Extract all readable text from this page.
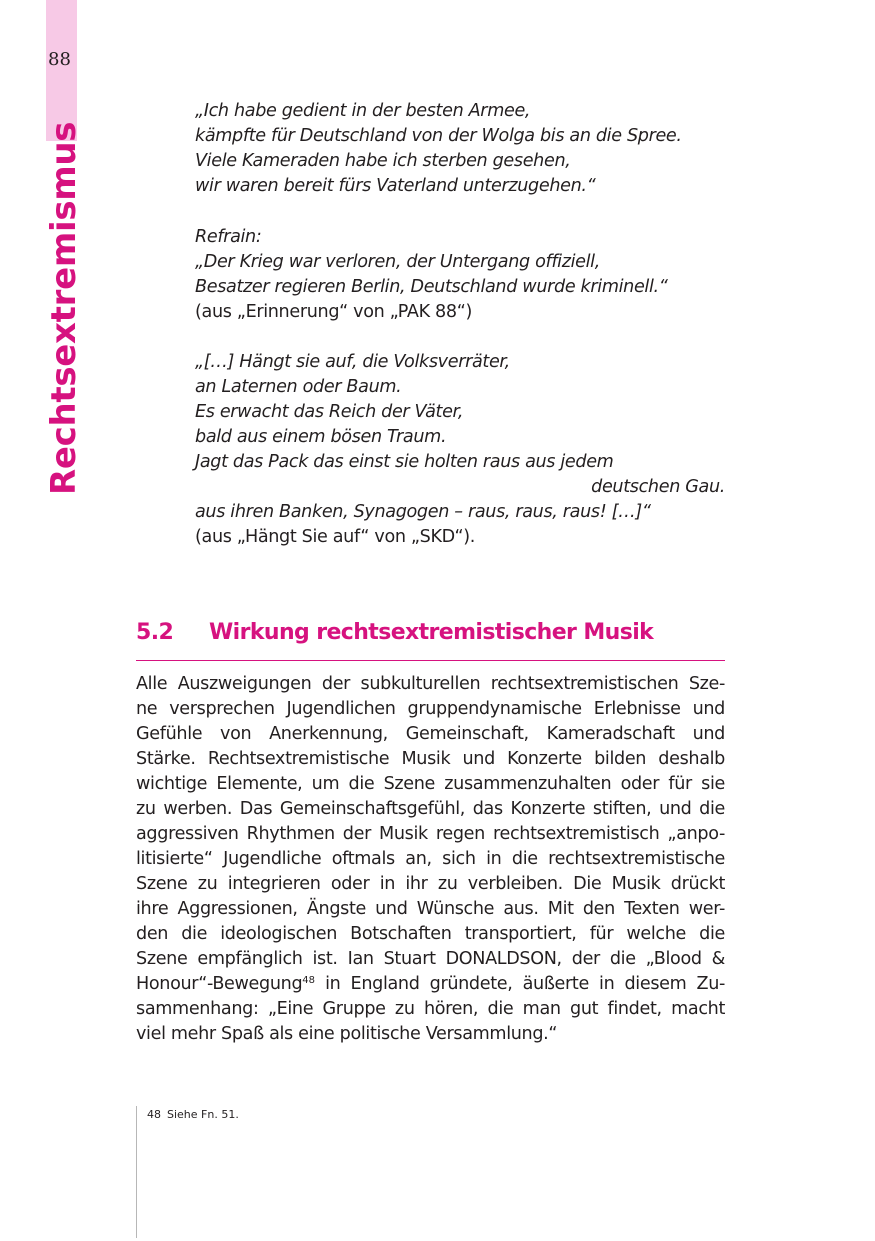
88
Rechtsextremismus
„Ich habe gedient in der besten Armee,
kämpfte für Deutschland von der Wolga bis an die Spree.
Viele Kameraden habe ich sterben gesehen,
wir waren bereit fürs Vaterland unterzugehen.“
Refrain:
„Der Krieg war verloren, der Untergang offiziell,
Besatzer regieren Berlin, Deutschland wurde kriminell.“
(aus „Erinnerung“ von „PAK 88“)
„[…] Hängt sie auf, die Volksverräter,
an Laternen oder Baum.
Es erwacht das Reich der Väter,
bald aus einem bösen Traum.
Jagt das Pack das einst sie holten raus aus jedem
deutschen Gau.
aus ihren Banken, Synagogen – raus, raus, raus! […]“
(aus „Hängt Sie auf“ von „SKD“).
5.2 Wirkung rechtsextremistischer Musik
Alle Auszweigungen der subkulturellen rechtsextremistischen Sze-
ne versprechen Jugendlichen gruppendynamische Erlebnisse und
Gefühle von Anerkennung, Gemeinschaft, Kameradschaft und
Stärke. Rechtsextremistische Musik und Konzerte bilden deshalb
wichtige Elemente, um die Szene zusammenzuhalten oder für sie
zu werben. Das Gemeinschaftsgefühl, das Konzerte stiften, und die
aggressiven Rhythmen der Musik regen rechtsextremistisch „anpo-
litisierte“ Jugendliche oftmals an, sich in die rechtsextremistische
Szene zu integrieren oder in ihr zu verbleiben. Die Musik drückt
ihre Aggressionen, Ängste und Wünsche aus. Mit den Texten wer-
den die ideologischen Botschaften transportiert, für welche die
Szene empfänglich ist. Ian Stuart DONALDSON, der die „Blood &
Honour“-Bewegung$^{48}$ in England gründete, äußerte in diesem Zu-
sammenhang: „Eine Gruppe zu hören, die man gut findet, macht
viel mehr Spaß als eine politische Versammlung.“
48 Siehe Fn. 51.
